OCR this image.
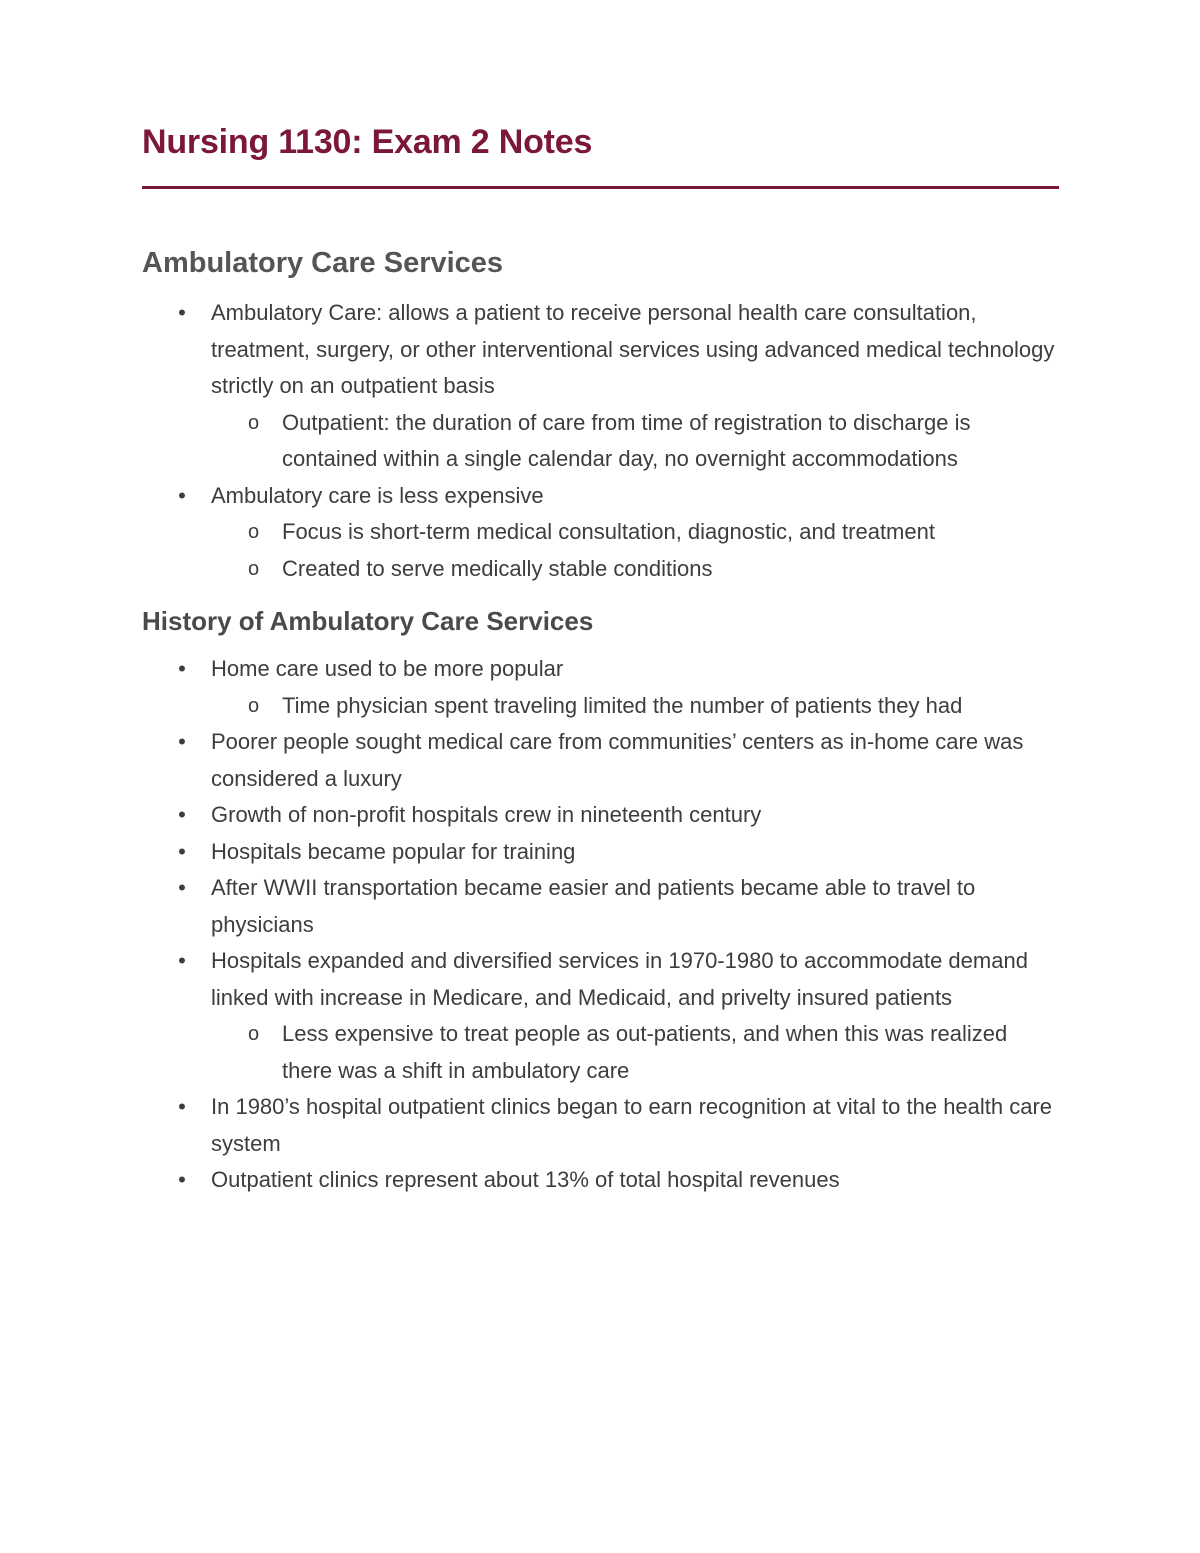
Nursing 1130: Exam 2 Notes
Ambulatory Care Services
• Ambulatory Care: allows a patient to receive personal health care consultation, treatment, surgery, or other interventional services using advanced medical technology strictly on an outpatient basis
o Outpatient: the duration of care from time of registration to discharge is contained within a single calendar day, no overnight accommodations
• Ambulatory care is less expensive
o Focus is short-term medical consultation, diagnostic, and treatment
o Created to serve medically stable conditions
History of Ambulatory Care Services
• Home care used to be more popular
o Time physician spent traveling limited the number of patients they had
• Poorer people sought medical care from communities’ centers as in-home care was considered a luxury
• Growth of non-profit hospitals crew in nineteenth century
• Hospitals became popular for training
• After WWII transportation became easier and patients became able to travel to physicians
• Hospitals expanded and diversified services in 1970-1980 to accommodate demand linked with increase in Medicare, and Medicaid, and privelty insured patients
o Less expensive to treat people as out-patients, and when this was realized there was a shift in ambulatory care
• In 1980’s hospital outpatient clinics began to earn recognition at vital to the health care system
• Outpatient clinics represent about 13% of total hospital revenues
